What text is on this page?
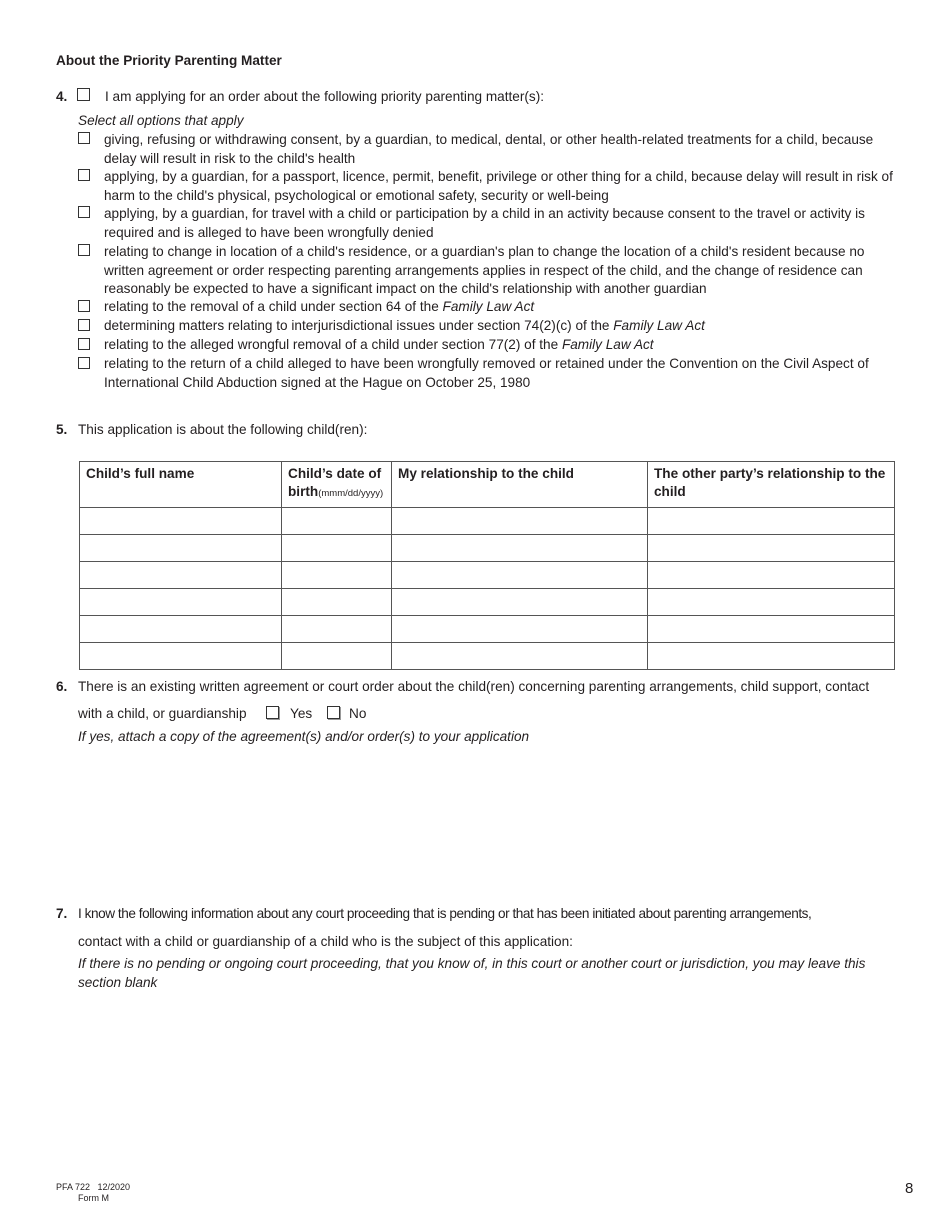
About the Priority Parenting Matter
4.	I am applying for an order about the following priority parenting matter(s):
Select all options that apply
giving, refusing or withdrawing consent, by a guardian, to medical, dental, or other health-related treatments for a child, because delay will result in risk to the child's health
applying, by a guardian, for a passport, licence, permit, benefit, privilege or other thing for a child, because delay will result in risk of harm to the child's physical, psychological or emotional safety, security or well-being
applying, by a guardian, for travel with a child or participation by a child in an activity because consent to the travel or activity is required and is alleged to have been wrongfully denied
relating to change in location of a child's residence, or a guardian's plan to change the location of a child's resident because no written agreement or order respecting parenting arrangements applies in respect of the child, and the change of residence can reasonably be expected to have a significant impact on the child's relationship with another guardian
relating to the removal of a child under section 64 of the Family Law Act
determining matters relating to interjurisdictional issues under section 74(2)(c) of the Family Law Act
relating to the alleged wrongful removal of a child under section 77(2) of the Family Law Act
relating to the return of a child alleged to have been wrongfully removed or retained under the Convention on the Civil Aspect of International Child Abduction signed at the Hague on October 25, 1980
5. This application is about the following child(ren):
Child’s full name	Child’s date of birth(mmm/dd/yyyy)	My relationship to the child	The other party’s relationship to the child

6. There is an existing written agreement or court order about the child(ren) concerning parenting arrangements, child support, contact
with a child, or guardianship	Yes	No
If yes, attach a copy of the agreement(s) and/or order(s) to your application
7. I know the following information about any court proceeding that is pending or that has been initiated about parenting arrangements,
contact with a child or guardianship of a child who is the subject of this application:
If there is no pending or ongoing court proceeding, that you know of, in this court or another court or jurisdiction, you may leave this section blank
PFA 722   12/2020
Form M
8
